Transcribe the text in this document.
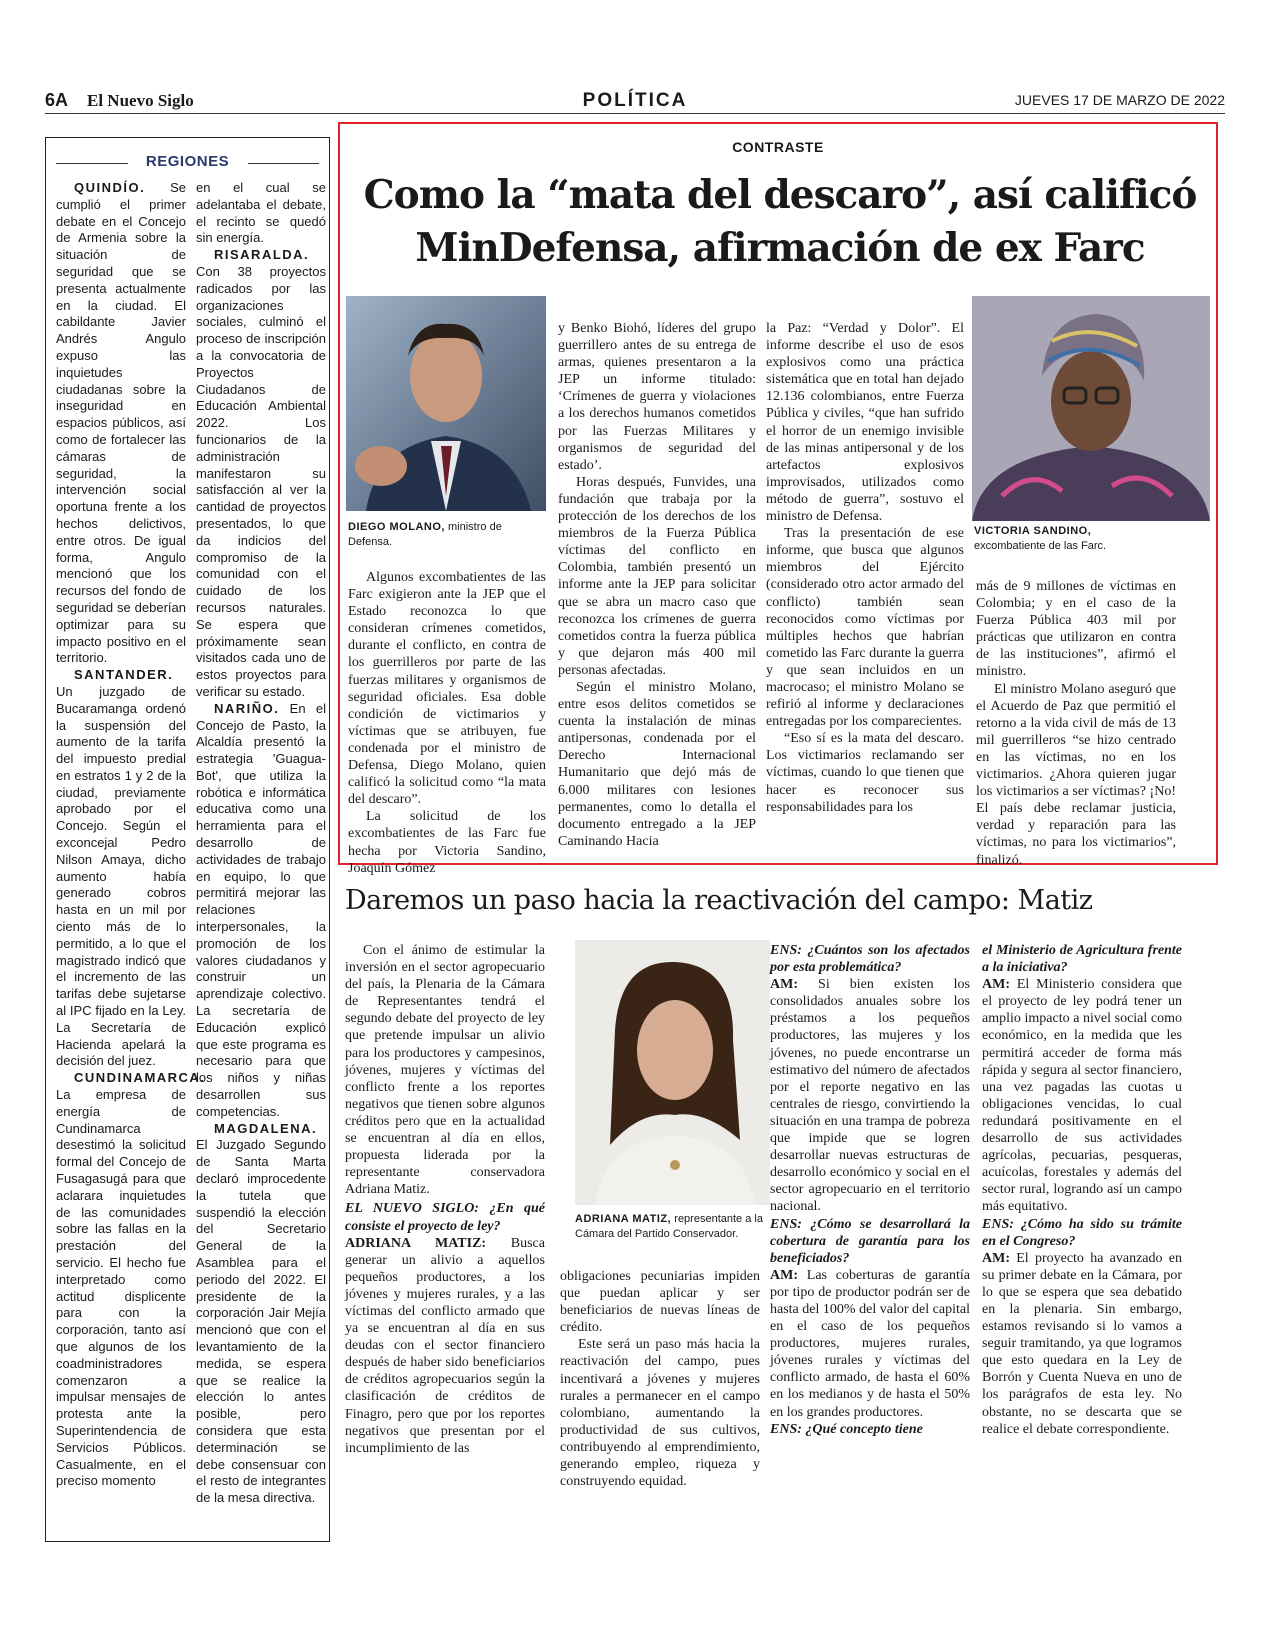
6A El Nuevo Siglo	POLÍTICA	JUEVES 17 DE MARZO DE 2022
REGIONES

QUINDÍO. Se cumplió el primer debate en el Concejo de Armenia sobre la situación de seguridad que se presenta actualmente en la ciudad. El cabildante Javier Andrés Angulo expuso las inquietudes ciudadanas sobre la inseguridad en espacios públicos, así como de fortalecer las cámaras de seguridad, la intervención social oportuna frente a los hechos delictivos, entre otros. De igual forma, Angulo mencionó que los recursos del fondo de seguridad se deberían optimizar para su impacto positivo en el territorio.

SANTANDER. Un juzgado de Bucaramanga ordenó la suspensión del aumento de la tarifa del impuesto predial en estratos 1 y 2 de la ciudad, previamente aprobado por el Concejo. Según el exconcejal Pedro Nilson Amaya, dicho aumento había generado cobros hasta en un mil por ciento más de lo permitido, a lo que el magistrado indicó que el incremento de las tarifas debe sujetarse al IPC fijado en la Ley. La Secretaría de Hacienda apelará la decisión del juez.

CUNDINAMARCA. La empresa de energía de Cundinamarca desestimó la solicitud formal del Concejo de Fusagasugá para que aclarara inquietudes de las comunidades sobre las fallas en la prestación del servicio. El hecho fue interpretado como actitud displicente para con la corporación, tanto así que algunos de los coadministradores comenzaron a impulsar mensajes de protesta ante la Superintendencia de Servicios Públicos. Casualmente, en el preciso momento

en el cual se adelantaba el debate, el recinto se quedó sin energía.

RISARALDA. Con 38 proyectos radicados por las organizaciones sociales, culminó el proceso de inscripción a la convocatoria de Proyectos Ciudadanos de Educación Ambiental 2022. Los funcionarios de la administración manifestaron su satisfacción al ver la cantidad de proyectos presentados, lo que da indicios del compromiso de la comunidad con el cuidado de los recursos naturales. Se espera que próximamente sean visitados cada uno de estos proyectos para verificar su estado.

NARIÑO. En el Concejo de Pasto, la Alcaldía presentó la estrategia 'Guagua-Bot', que utiliza la robótica e informática educativa como una herramienta para el desarrollo de actividades de trabajo en equipo, lo que permitirá mejorar las relaciones interpersonales, la promoción de los valores ciudadanos y construir un aprendizaje colectivo. La secretaría de Educación explicó que este programa es necesario para que los niños y niñas desarrollen sus competencias.

MAGDALENA. El Juzgado Segundo de Santa Marta declaró improcedente la tutela que suspendió la elección del Secretario General de la Asamblea para el periodo del 2022. El presidente de la corporación Jair Mejía mencionó que con el levantamiento de la medida, se espera que se realice la elección lo antes posible, pero considera que esta determinación se debe consensuar con el resto de integrantes de la mesa directiva.

CONTRASTE
Como la “mata del descaro”, así calificó
MinDefensa, afirmación de ex Farc
DIEGO MOLANO, ministro de Defensa.
VICTORIA SANDINO,
excombatiente de las Farc.

Algunos excombatientes de las Farc exigieron ante la JEP que el Estado reconozca lo que consideran crímenes cometidos, durante el conflicto, en contra de los guerrilleros por parte de las fuerzas militares y organismos de seguridad oficiales. Esa doble condición de victimarios y víctimas que se atribuyen, fue condenada por el ministro de Defensa, Diego Molano, quien calificó la solicitud como “la mata del descaro”.

La solicitud de los excombatientes de las Farc fue hecha por Victoria Sandino, Joaquín Gómez

y Benko Biohó, líderes del grupo guerrillero antes de su entrega de armas, quienes presentaron a la JEP un informe titulado: ‘Crímenes de guerra y violaciones a los derechos humanos cometidos por las Fuerzas Militares y organismos de seguridad del estado’.

Horas después, Funvides, una fundación que trabaja por la protección de los derechos de los miembros de la Fuerza Pública víctimas del conflicto en Colombia, también presentó un informe ante la JEP para solicitar que se abra un macro caso que reconozca los crímenes de guerra cometidos contra la fuerza pública y que dejaron más 400 mil personas afectadas.

Según el ministro Molano, entre esos delitos cometidos se cuenta la instalación de minas antipersonas, condenada por el Derecho Internacional Humanitario que dejó más de 6.000 militares con lesiones permanentes, como lo detalla el documento entregado a la JEP Caminando Hacia

la Paz: “Verdad y Dolor”. El informe describe el uso de esos explosivos como una práctica sistemática que en total han dejado 12.136 colombianos, entre Fuerza Pública y civiles, “que han sufrido el horror de un enemigo invisible de las minas antipersonal y de los artefactos explosivos improvisados, utilizados como método de guerra”, sostuvo el ministro de Defensa.

Tras la presentación de ese informe, que busca que algunos miembros del Ejército (considerado otro actor armado del conflicto) también sean reconocidos como víctimas por múltiples hechos que habrían cometido las Farc durante la guerra y que sean incluidos en un macrocaso; el ministro Molano se refirió al informe y declaraciones entregadas por los comparecientes.

“Eso sí es la mata del descaro. Los victimarios reclamando ser víctimas, cuando lo que tienen que hacer es reconocer sus responsabilidades para los

más de 9 millones de víctimas en Colombia; y en el caso de la Fuerza Pública 403 mil por prácticas que utilizaron en contra de las instituciones”, afirmó el ministro.

El ministro Molano aseguró que el Acuerdo de Paz que permitió el retorno a la vida civil de más de 13 mil guerrilleros “se hizo centrado en las víctimas, no en los victimarios. ¿Ahora quieren jugar los victimarios a ser víctimas? ¡No! El país debe reclamar justicia, verdad y reparación para las víctimas, no para los victimarios”, finalizó.

Daremos un paso hacia la reactivación del campo: Matiz

Con el ánimo de estimular la inversión en el sector agropecuario del país, la Plenaria de la Cámara de Representantes tendrá el segundo debate del proyecto de ley que pretende impulsar un alivio para los productores y campesinos, jóvenes, mujeres y víctimas del conflicto frente a los reportes negativos que tienen sobre algunos créditos pero que en la actualidad se encuentran al día en ellos, propuesta liderada por la representante conservadora Adriana Matiz.

EL NUEVO SIGLO: ¿En qué consiste el proyecto de ley?
ADRIANA MATIZ: Busca generar un alivio a aquellos pequeños productores, a los jóvenes y mujeres rurales, y a las víctimas del conflicto armado que ya se encuentran al día en sus deudas con el sector financiero después de haber sido beneficiarios de créditos agropecuarios según la clasificación de créditos de Finagro, pero que por los reportes negativos que presentan por el incumplimiento de las
ADRIANA MATIZ, representante a la Cámara del Partido Conservador.

obligaciones pecuniarias impiden que puedan aplicar y ser beneficiarios de nuevas líneas de crédito.

Este será un paso más hacia la reactivación del campo, pues incentivará a jóvenes y mujeres rurales a permanecer en el campo colombiano, aumentando la productividad de sus cultivos, contribuyendo al emprendimiento, generando empleo, riqueza y construyendo equidad.

ENS: ¿Cuántos son los afectados por esta problemática?
AM: Si bien existen los consolidados anuales sobre los préstamos a los pequeños productores, las mujeres y los jóvenes, no puede encontrarse un estimativo del número de afectados por el reporte negativo en las centrales de riesgo, convirtiendo la situación en una trampa de pobreza que impide que se logren desarrollar nuevas estructuras de desarrollo económico y social en el sector agropecuario en el territorio nacional.
ENS: ¿Cómo se desarrollará la cobertura de garantía para los beneficiados?
AM: Las coberturas de garantía por tipo de productor podrán ser de hasta del 100% del valor del capital en el caso de los pequeños productores, mujeres rurales, jóvenes rurales y víctimas del conflicto armado, de hasta el 60% en los medianos y de hasta el 50% en los grandes productores.
ENS: ¿Qué concepto tiene
el Ministerio de Agricultura frente a la iniciativa?
AM: El Ministerio considera que el proyecto de ley podrá tener un amplio impacto a nivel social como económico, en la medida que les permitirá acceder de forma más rápida y segura al sector financiero, una vez pagadas las cuotas u obligaciones vencidas, lo cual redundará positivamente en el desarrollo de sus actividades agrícolas, pecuarias, pesqueras, acuícolas, forestales y además del sector rural, logrando así un campo más equitativo.
ENS: ¿Cómo ha sido su trámite en el Congreso?
AM: El proyecto ha avanzado en su primer debate en la Cámara, por lo que se espera que sea debatido en la plenaria. Sin embargo, estamos revisando si lo vamos a seguir tramitando, ya que logramos que esto quedara en la Ley de Borrón y Cuenta Nueva en uno de los parágrafos de esta ley. No obstante, no se descarta que se realice el debate correspondiente.
